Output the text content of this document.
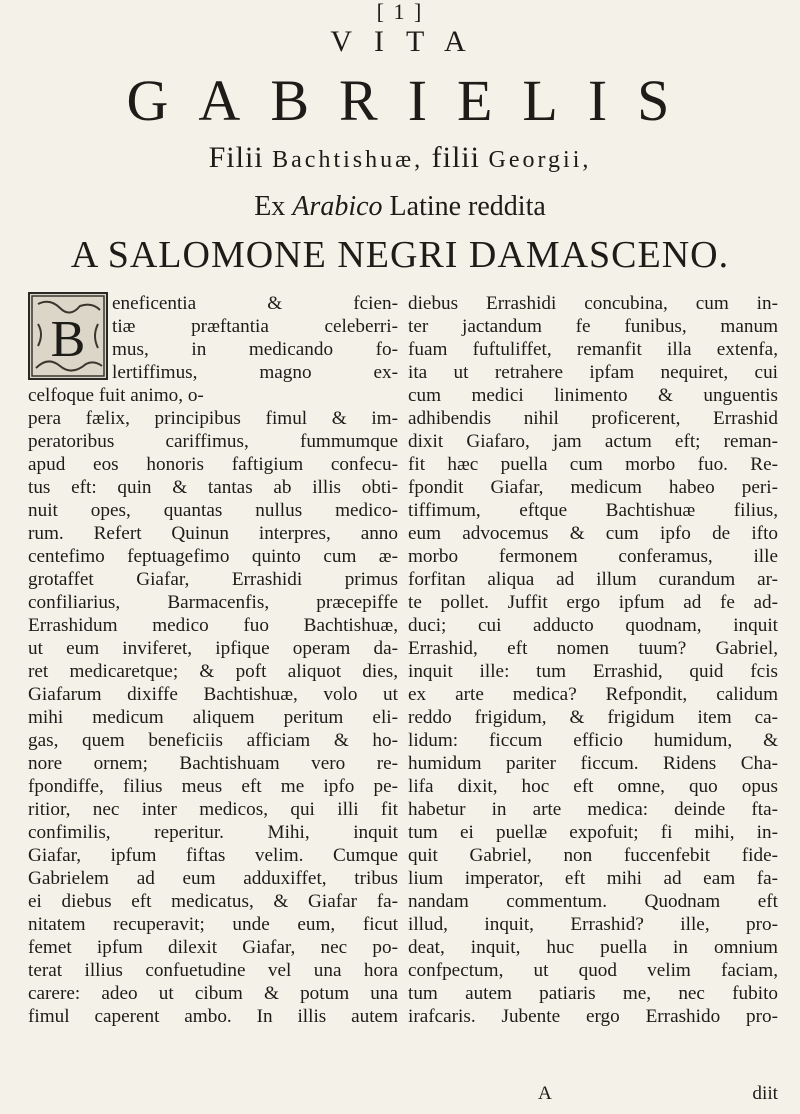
[ 1 ]
VITA
GABRIELIS
Filii Bachtishuæ, filii Georgii,
Ex Arabico Latine reddita
A SALOMONE NEGRI DAMASCENO.
B

eneficentia & fcien-

tiæ præftantia celeberri-

mus, in medicando fo-

lertiffimus, magno ex-

celfoque fuit animo, o-

pera fælix, principibus fimul & im-

peratoribus cariffimus, fummumque

apud eos honoris faftigium confecu-

tus eft: quin & tantas ab illis obti-

nuit opes, quantas nullus medico-

rum. Refert Quinun interpres, anno

centefimo feptuagefimo quinto cum æ-

grotaffet Giafar, Errashidi primus

confiliarius, Barmacenfis, præcepiffe

Errashidum medico fuo Bachtishuæ,

ut eum inviferet, ipfique operam da-

ret medicaretque; & poft aliquot dies,

Giafarum dixiffe Bachtishuæ, volo ut

mihi medicum aliquem peritum eli-

gas, quem beneficiis afficiam & ho-

nore ornem; Bachtishuam vero re-

fpondiffe, filius meus eft me ipfo pe-

ritior, nec inter medicos, qui illi fit

confimilis, reperitur. Mihi, inquit

Giafar, ipfum fiftas velim. Cumque

Gabrielem ad eum adduxiffet, tribus

ei diebus eft medicatus, & Giafar fa-

nitatem recuperavit; unde eum, ficut

femet ipfum dilexit Giafar, nec po-

terat illius confuetudine vel una hora

carere: adeo ut cibum & potum una

fimul caperent ambo. In illis autem

diebus Errashidi concubina, cum in-

ter jactandum fe funibus, manum

fuam fuftuliffet, remanfit illa extenfa,

ita ut retrahere ipfam nequiret, cui

cum medici linimento & unguentis

adhibendis nihil proficerent, Errashid

dixit Giafaro, jam actum eft; reman-

fit hæc puella cum morbo fuo. Re-

fpondit Giafar, medicum habeo peri-

tiffimum, eftque Bachtishuæ filius,

eum advocemus & cum ipfo de ifto

morbo fermonem conferamus, ille

forfitan aliqua ad illum curandum ar-

te pollet. Juffit ergo ipfum ad fe ad-

duci; cui adducto quodnam, inquit

Errashid, eft nomen tuum? Gabriel,

inquit ille: tum Errashid, quid fcis

ex arte medica? Refpondit, calidum

reddo frigidum, & frigidum item ca-

lidum: ficcum efficio humidum, &

humidum pariter ficcum. Ridens Cha-

lifa dixit, hoc eft omne, quo opus

habetur in arte medica: deinde fta-

tum ei puellæ expofuit; fi mihi, in-

quit Gabriel, non fuccenfebit fide-

lium imperator, eft mihi ad eam fa-

nandam commentum. Quodnam eft

illud, inquit, Errashid? ille, pro-

deat, inquit, huc puella in omnium

confpectum, ut quod velim faciam,

tum autem patiaris me, nec fubito

irafcaris. Jubente ergo Errashido pro-

A	diit
